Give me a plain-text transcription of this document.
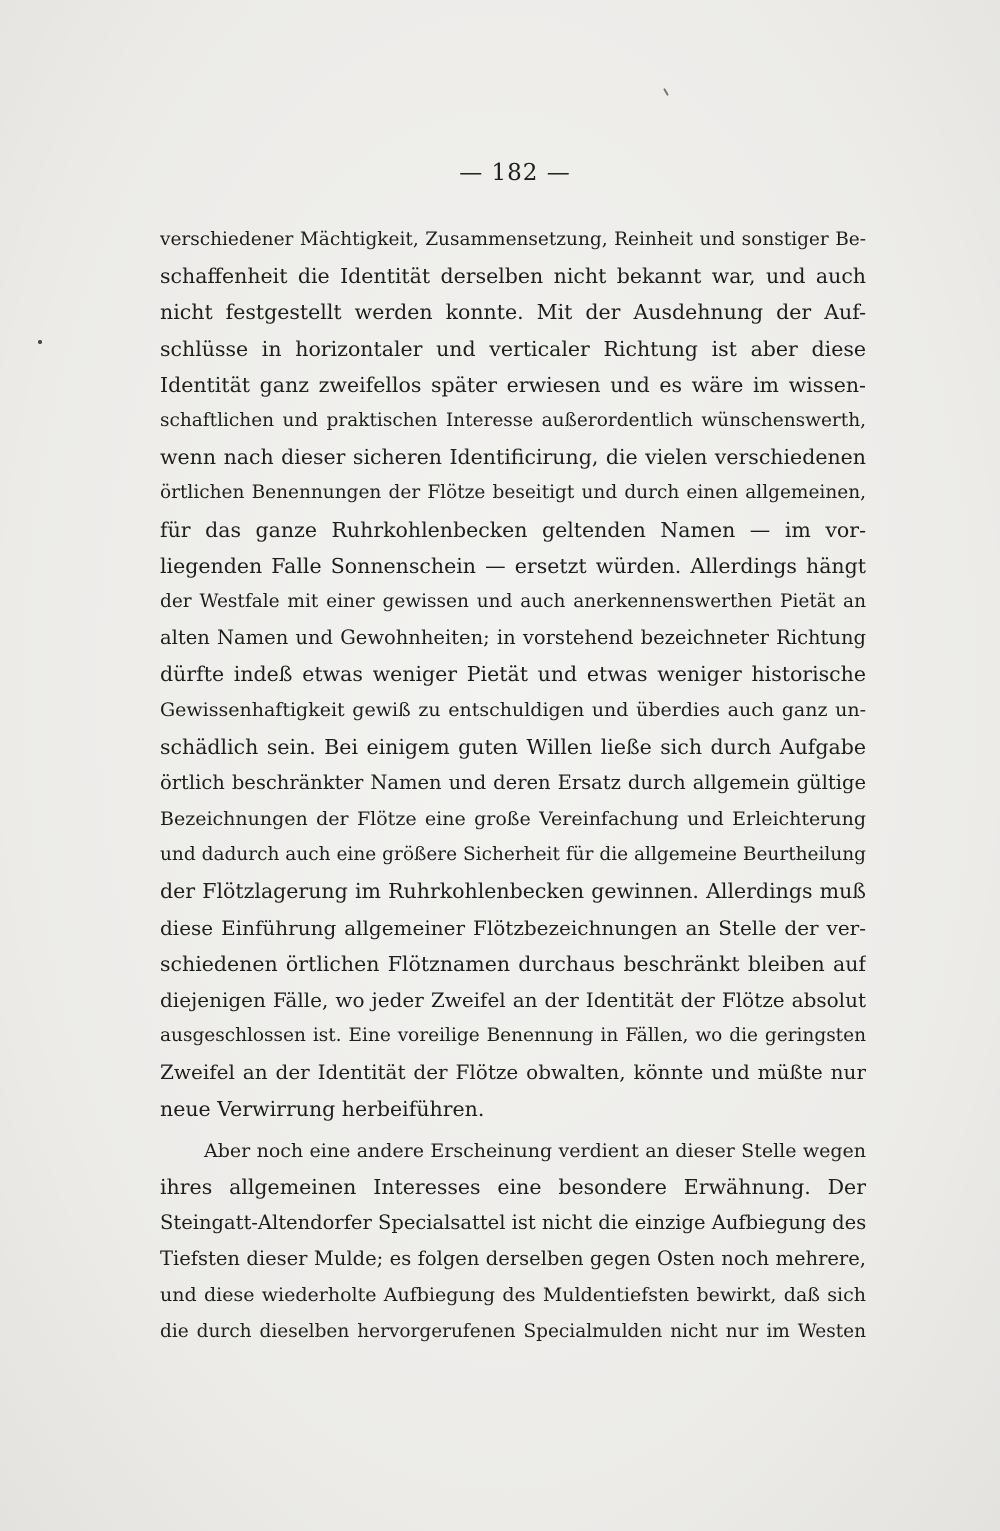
— 182 —
verschiedener Mächtigkeit, Zusammensetzung, Reinheit und sonstiger Be-
schaffenheit die Identität derselben nicht bekannt war, und auch
nicht festgestellt werden konnte. Mit der Ausdehnung der Auf-
schlüsse in horizontaler und verticaler Richtung ist aber diese
Identität ganz zweifellos später erwiesen und es wäre im wissen-
schaftlichen und praktischen Interesse außerordentlich wünschenswerth,
wenn nach dieser sicheren Identificirung, die vielen verschiedenen
örtlichen Benennungen der Flötze beseitigt und durch einen allgemeinen,
für das ganze Ruhrkohlenbecken geltenden Namen — im vor-
liegenden Falle Sonnenschein — ersetzt würden. Allerdings hängt
der Westfale mit einer gewissen und auch anerkennenswerthen Pietät an
alten Namen und Gewohnheiten; in vorstehend bezeichneter Richtung
dürfte indeß etwas weniger Pietät und etwas weniger historische
Gewissenhaftigkeit gewiß zu entschuldigen und überdies auch ganz un-
schädlich sein. Bei einigem guten Willen ließe sich durch Aufgabe
örtlich beschränkter Namen und deren Ersatz durch allgemein gültige
Bezeichnungen der Flötze eine große Vereinfachung und Erleichterung
und dadurch auch eine größere Sicherheit für die allgemeine Beurtheilung
der Flötzlagerung im Ruhrkohlenbecken gewinnen. Allerdings muß
diese Einführung allgemeiner Flötzbezeichnungen an Stelle der ver-
schiedenen örtlichen Flötznamen durchaus beschränkt bleiben auf
diejenigen Fälle, wo jeder Zweifel an der Identität der Flötze absolut
ausgeschlossen ist. Eine voreilige Benennung in Fällen, wo die geringsten
Zweifel an der Identität der Flötze obwalten, könnte und müßte nur
neue Verwirrung herbeiführen.
Aber noch eine andere Erscheinung verdient an dieser Stelle wegen
ihres allgemeinen Interesses eine besondere Erwähnung. Der
Steingatt-Altendorfer Specialsattel ist nicht die einzige Aufbiegung des
Tiefsten dieser Mulde; es folgen derselben gegen Osten noch mehrere,
und diese wiederholte Aufbiegung des Muldentiefsten bewirkt, daß sich
die durch dieselben hervorgerufenen Specialmulden nicht nur im Westen
